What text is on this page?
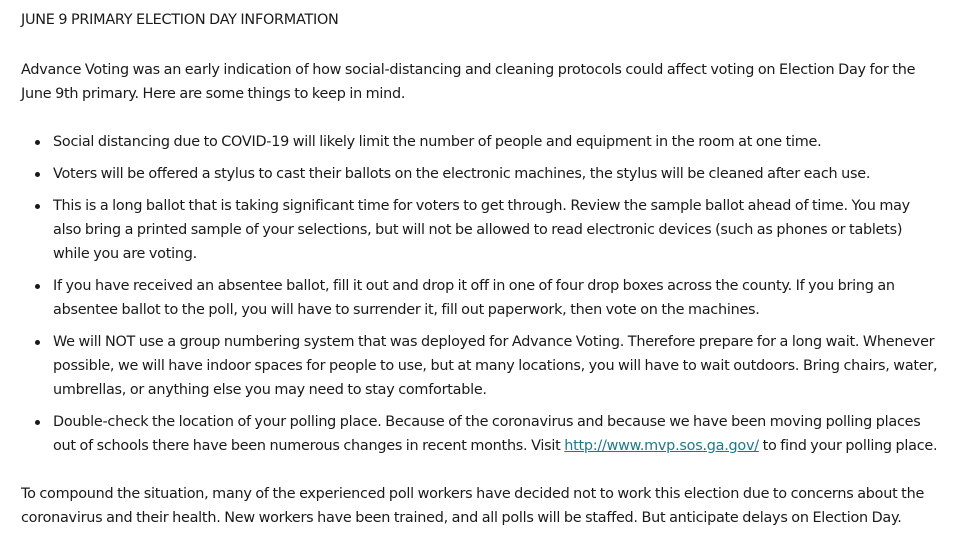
JUNE 9 PRIMARY ELECTION DAY INFORMATION

Advance Voting was an early indication of how social-distancing and cleaning protocols could affect voting on Election Day for the June 9th primary. Here are some things to keep in mind.

Social distancing due to COVID-19 will likely limit the number of people and equipment in the room at one time.
Voters will be offered a stylus to cast their ballots on the electronic machines, the stylus will be cleaned after each use.
This is a long ballot that is taking significant time for voters to get through. Review the sample ballot ahead of time. You may also bring a printed sample of your selections, but will not be allowed to read electronic devices (such as phones or tablets) while you are voting.
If you have received an absentee ballot, fill it out and drop it off in one of four drop boxes across the county. If you bring an absentee ballot to the poll, you will have to surrender it, fill out paperwork, then vote on the machines.
We will NOT use a group numbering system that was deployed for Advance Voting. Therefore prepare for a long wait. Whenever possible, we will have indoor spaces for people to use, but at many locations, you will have to wait outdoors. Bring chairs, water, umbrellas, or anything else you may need to stay comfortable.
Double-check the location of your polling place. Because of the coronavirus and because we have been moving polling places out of schools there have been numerous changes in recent months. Visit http://www.mvp.sos.ga.gov/ to find your polling place.

To compound the situation, many of the experienced poll workers have decided not to work this election due to concerns about the coronavirus and their health. New workers have been trained, and all polls will be staffed. But anticipate delays on Election Day.
